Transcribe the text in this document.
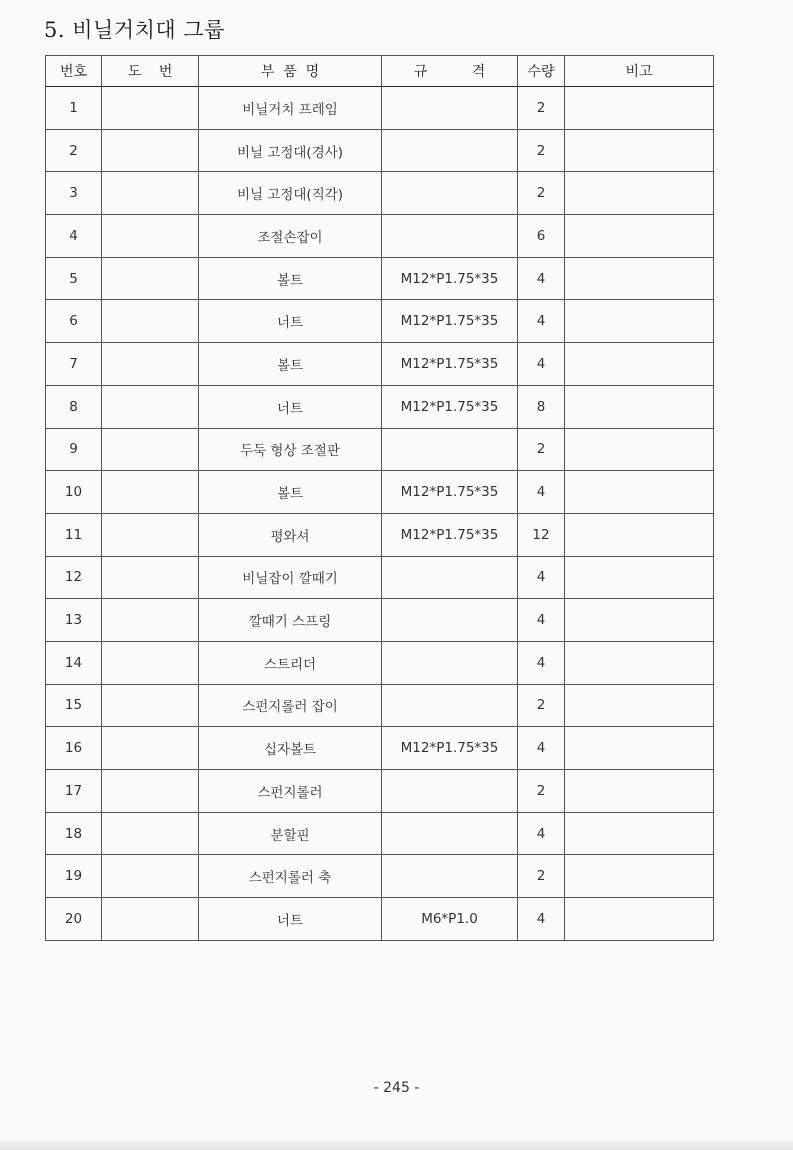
5. 비닐거치대 그룹
번호	도    번	부  품  명	규          격	수량	비고
1		비닐거치 프레임		2	
2		비닐 고정대(경사)		2	
3		비닐 고정대(직각)		2	
4		조절손잡이		6	
5		볼트	M12*P1.75*35	4	
6		너트	M12*P1.75*35	4	
7		볼트	M12*P1.75*35	4	
8		너트	M12*P1.75*35	8	
9		두둑 형상 조절판		2	
10		볼트	M12*P1.75*35	4	
11		평와셔	M12*P1.75*35	12	
12		비닐잡이 깔때기		4	
13		깔때기 스프링		4	
14		스트리더		4	
15		스펀지롤러 잡이		2	
16		십자볼트	M12*P1.75*35	4	
17		스펀지롤러		2	
18		분할핀		4	
19		스펀지롤러 축		2	
20		너트	M6*P1.0	4	
- 245 -
